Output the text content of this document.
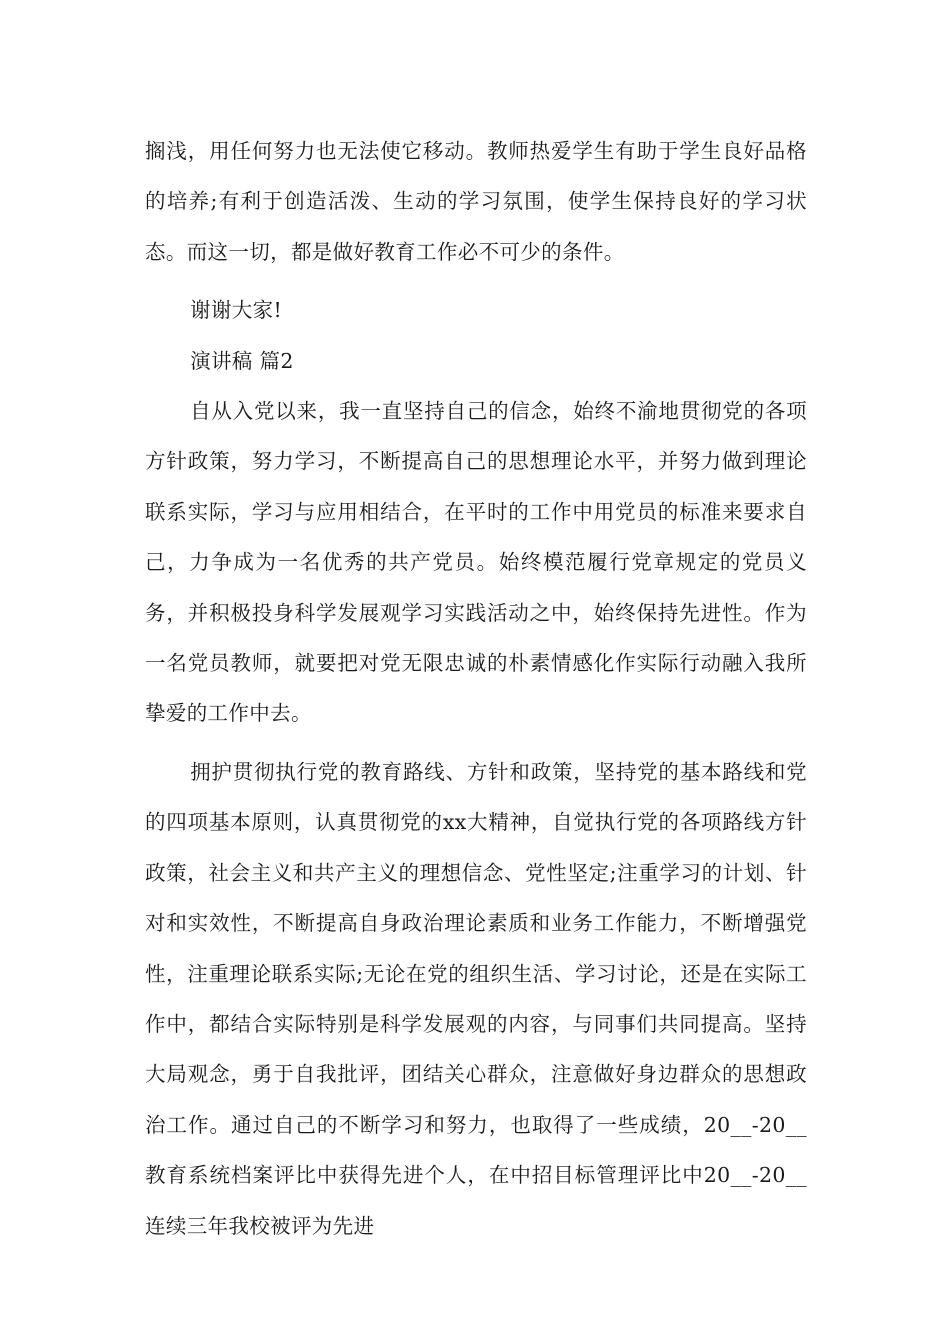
搁浅，用任何努力也无法使它移动。教师热爱学生有助于学生良好品格的培养;有利于创造活泼、生动的学习氛围，使学生保持良好的学习状态。而这一切，都是做好教育工作必不可少的条件。

谢谢大家!

演讲稿 篇2

自从入党以来，我一直坚持自己的信念，始终不渝地贯彻党的各项方针政策，努力学习，不断提高自己的思想理论水平，并努力做到理论联系实际，学习与应用相结合，在平时的工作中用党员的标准来要求自己，力争成为一名优秀的共产党员。始终模范履行党章规定的党员义务，并积极投身科学发展观学习实践活动之中，始终保持先进性。作为一名党员教师，就要把对党无限忠诚的朴素情感化作实际行动融入我所挚爱的工作中去。

拥护贯彻执行党的教育路线、方针和政策，坚持党的基本路线和党的四项基本原则，认真贯彻党的xx大精神，自觉执行党的各项路线方针政策，社会主义和共产主义的理想信念、党性坚定;注重学习的计划、针对和实效性，不断提高自身政治理论素质和业务工作能力，不断增强党性，注重理论联系实际;无论在党的组织生活、学习讨论，还是在实际工作中，都结合实际特别是科学发展观的内容，与同事们共同提高。坚持大局观念，勇于自我批评，团结关心群众，注意做好身边群众的思想政治工作。通过自己的不断学习和努力，也取得了一些成绩，20__-20__教育系统档案评比中获得先进个人，在中招目标管理评比中20__-20__连续三年我校被评为先进
